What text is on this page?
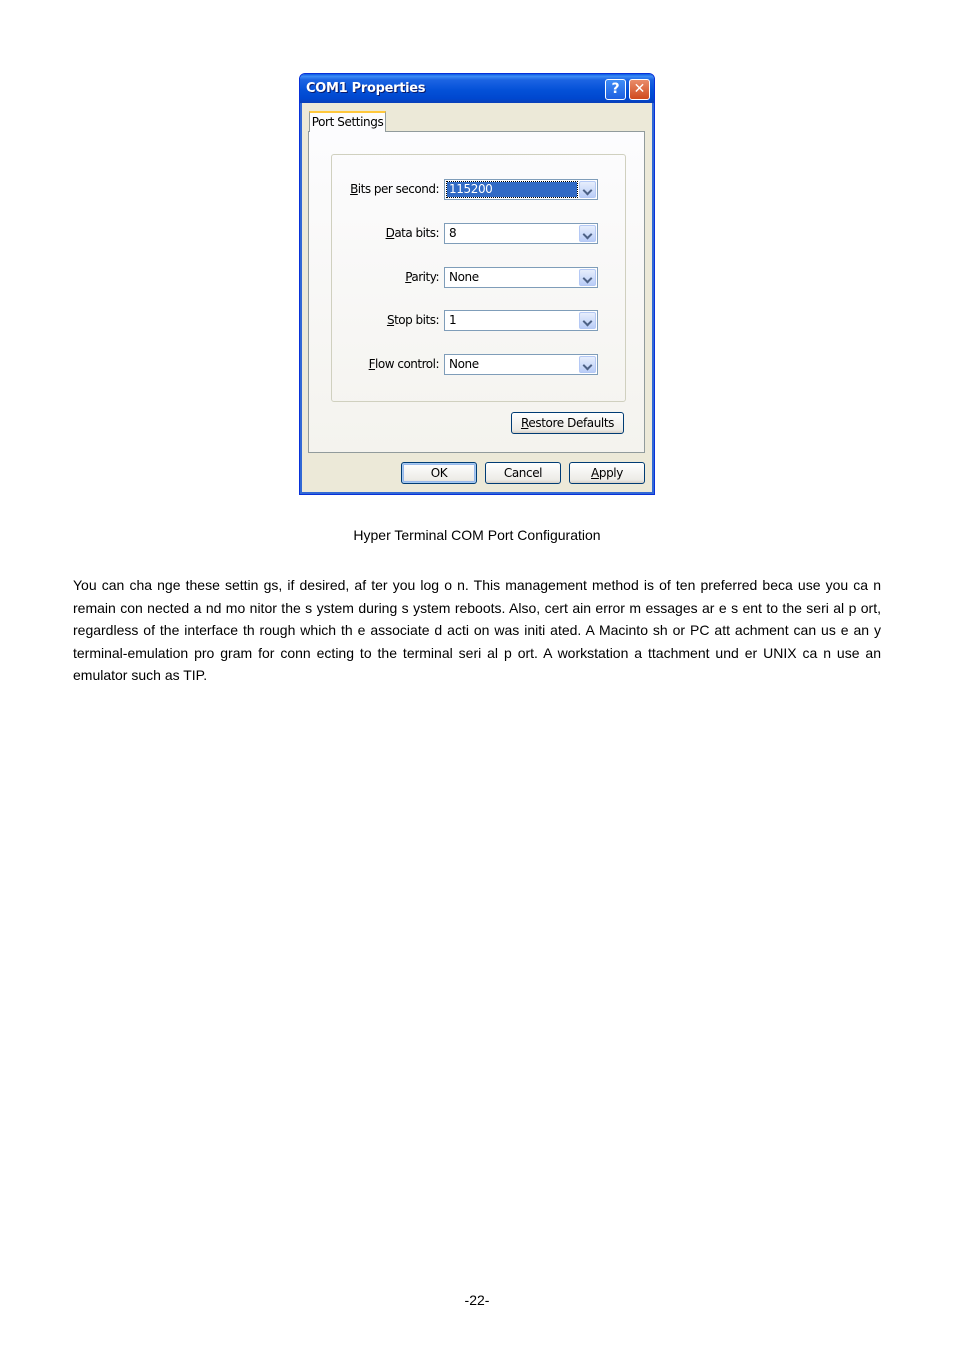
COM1 Properties	?	✕
Port Settings
Bits per second: 115200
Data bits: 8
Parity: None
Stop bits: 1
Flow control: None
Restore Defaults
OK	Cancel	Apply
Hyper Terminal COM Port Configuration

You can cha nge these settin gs, if desired, af ter you log o n. This management method is of ten preferred beca use you ca n remain con nected a nd mo nitor the s ystem during s ystem reboots. Also, cert ain error m essages ar e s ent to the seri al p ort, regardless of the interface th rough which th e associate d acti on was initi ated. A Macinto sh or PC att achment can us e an y terminal-emulation pro gram for conn ecting to the terminal seri al p ort. A workstation a ttachment und er UNIX ca n use an emulator such as TIP.

-22-
